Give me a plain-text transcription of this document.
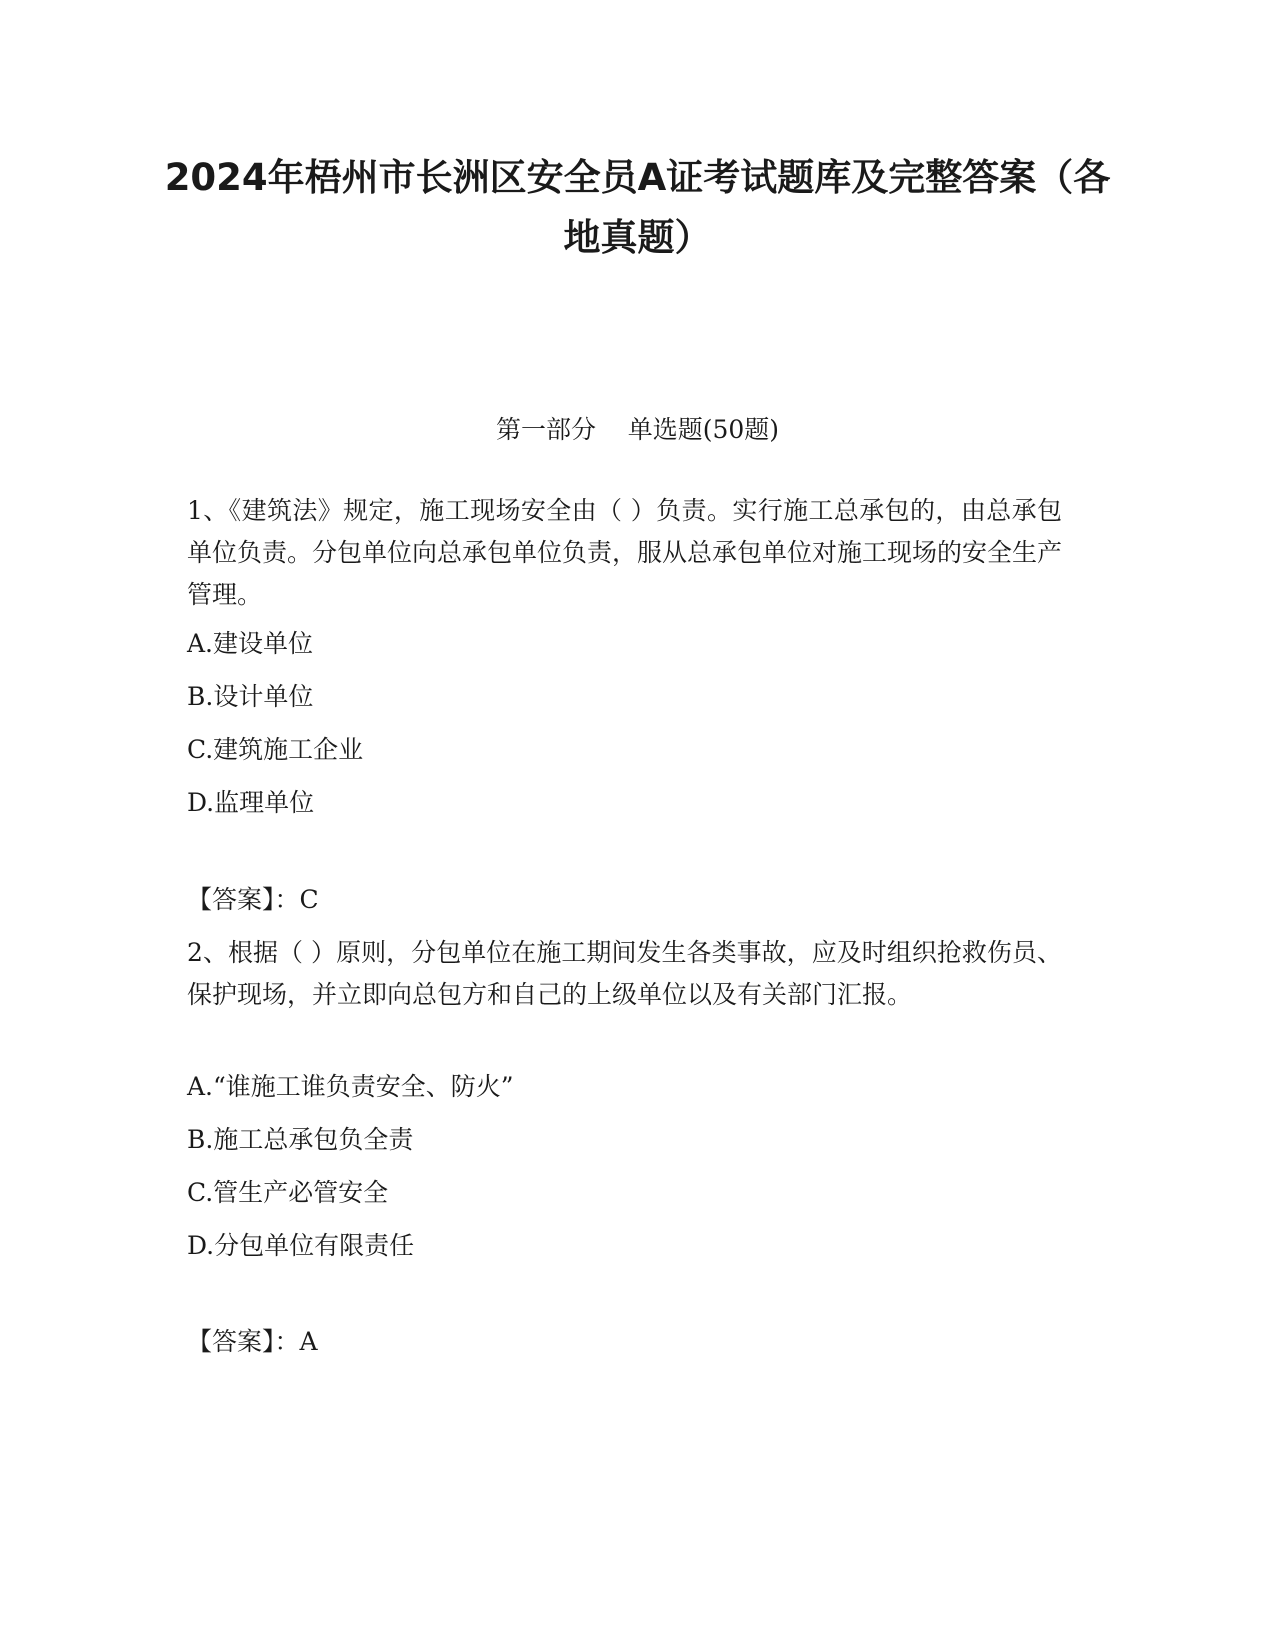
2024年梧州市长洲区安全员A证考试题库及完整答案（各地真题）

第一部分    单选题(50题)

1、《建筑法》规定，施工现场安全由（ ）负责。实行施工总承包的，由总承包单位负责。分包单位向总承包单位负责，服从总承包单位对施工现场的安全生产管理。

A.建设单位

B.设计单位

C.建筑施工企业

D.监理单位

【答案】：C

2、根据（ ）原则，分包单位在施工期间发生各类事故，应及时组织抢救伤员、保护现场，并立即向总包方和自己的上级单位以及有关部门汇报。

A.“谁施工谁负责安全、防火”

B.施工总承包负全责

C.管生产必管安全

D.分包单位有限责任

【答案】：A
